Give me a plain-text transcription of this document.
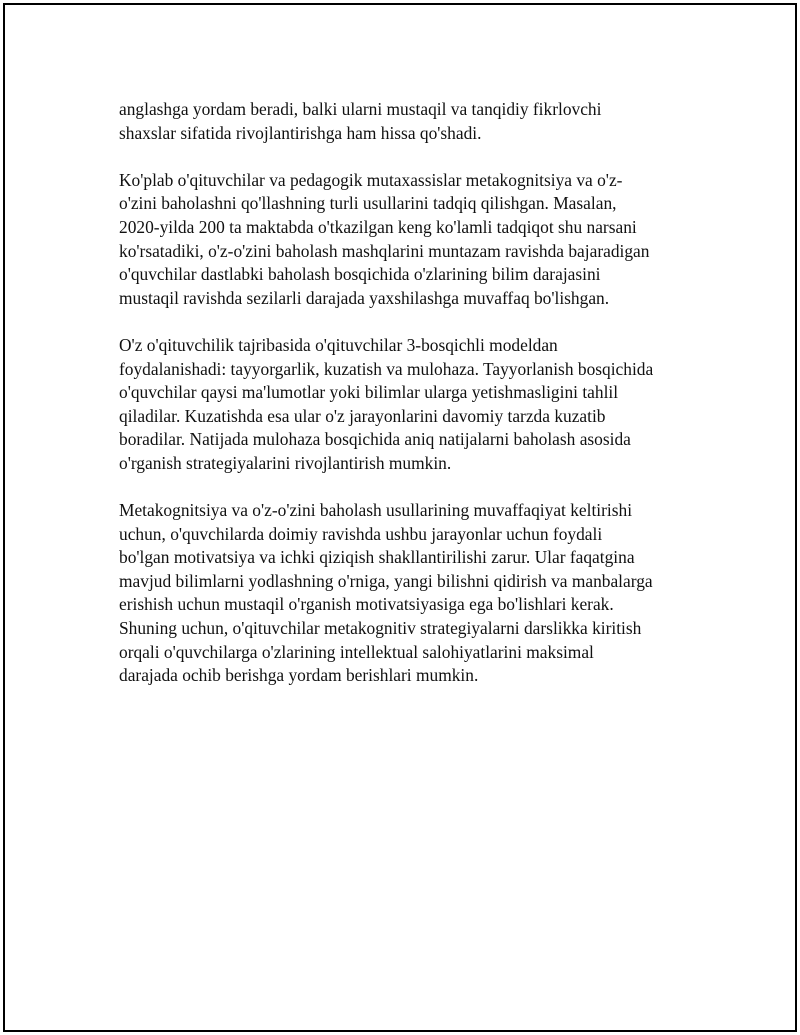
anglashga yordam beradi, balki ularni mustaqil va tanqidiy fikrlovchi
shaxslar sifatida rivojlantirishga ham hissa qo'shadi.
Ko'plab o'qituvchilar va pedagogik mutaxassislar metakognitsiya va o'z-
o'zini baholashni qo'llashning turli usullarini tadqiq qilishgan. Masalan,
2020-yilda 200 ta maktabda o'tkazilgan keng ko'lamli tadqiqot shu narsani
ko'rsatadiki, o'z-o'zini baholash mashqlarini muntazam ravishda bajaradigan
o'quvchilar dastlabki baholash bosqichida o'zlarining bilim darajasini
mustaqil ravishda sezilarli darajada yaxshilashga muvaffaq bo'lishgan.
O'z o'qituvchilik tajribasida o'qituvchilar 3-bosqichli modeldan
foydalanishadi: tayyorgarlik, kuzatish va mulohaza. Tayyorlanish bosqichida
o'quvchilar qaysi ma'lumotlar yoki bilimlar ularga yetishmasligini tahlil
qiladilar. Kuzatishda esa ular o'z jarayonlarini davomiy tarzda kuzatib
boradilar. Natijada mulohaza bosqichida aniq natijalarni baholash asosida
o'rganish strategiyalarini rivojlantirish mumkin.
Metakognitsiya va o'z-o'zini baholash usullarining muvaffaqiyat keltirishi
uchun, o'quvchilarda doimiy ravishda ushbu jarayonlar uchun foydali
bo'lgan motivatsiya va ichki qiziqish shakllantirilishi zarur. Ular faqatgina
mavjud bilimlarni yodlashning o'rniga, yangi bilishni qidirish va manbalarga
erishish uchun mustaqil o'rganish motivatsiyasiga ega bo'lishlari kerak.
Shuning uchun, o'qituvchilar metakognitiv strategiyalarni darslikka kiritish
orqali o'quvchilarga o'zlarining intellektual salohiyatlarini maksimal
darajada ochib berishga yordam berishlari mumkin.
